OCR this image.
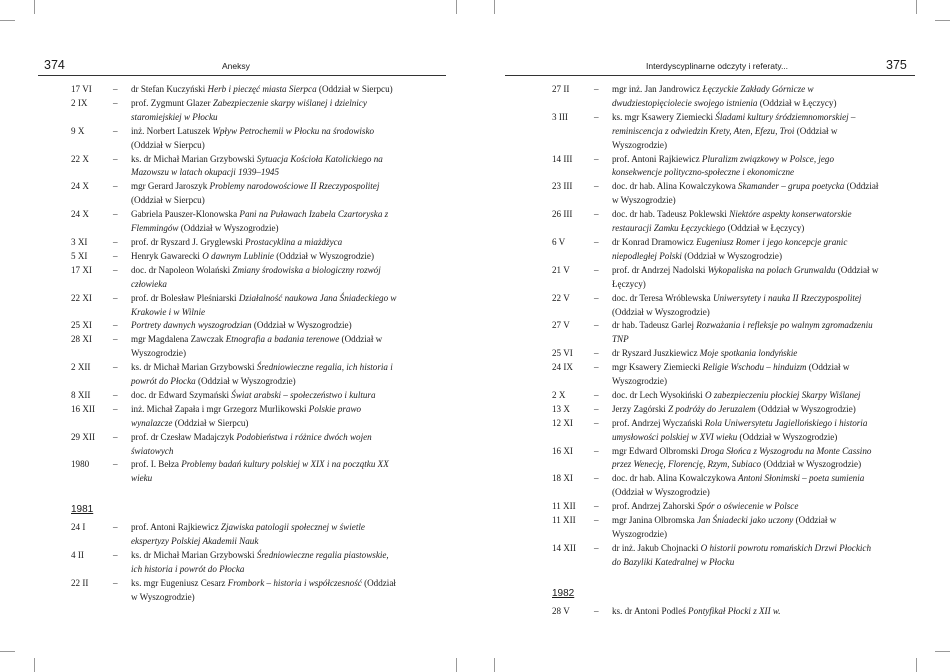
374	Aneksy
17 VI	–	dr Stefan Kuczyński Herb i pieczęć miasta Sierpca (Oddział w Sierpcu)
2 IX	–	prof. Zygmunt Glazer Zabezpieczenie skarpy wiślanej i dzielnicy staromiejskiej w Płocku
9 X	–	inż. Norbert Latuszek Wpływ Petrochemii w Płocku na środowisko (Oddział w Sierpcu)
22 X	–	ks. dr Michał Marian Grzybowski Sytuacja Kościoła Katolickiego na Mazowszu w latach okupacji 1939–1945
24 X	–	mgr Gerard Jaroszyk Problemy narodowościowe II Rzeczypospolitej (Oddział w Sierpcu)
24 X	–	Gabriela Pauszer-Klonowska Pani na Puławach Izabela Czartoryska z Flemmingów (Oddział w Wyszogrodzie)
3 XI	–	prof. dr Ryszard J. Gryglewski Prostacyklina a miażdżyca
5 XI	–	Henryk Gawarecki O dawnym Lublinie (Oddział w Wyszogrodzie)
17 XI	–	doc. dr Napoleon Wolański Zmiany środowiska a biologiczny rozwój człowieka
22 XI	–	prof. dr Bolesław Pleśniarski Działalność naukowa Jana Śniadeckiego w Krakowie i w Wilnie
25 XI	–	Portrety dawnych wyszogrodzian (Oddział w Wyszogrodzie)
28 XI	–	mgr Magdalena Zawczak Etnografia a badania terenowe (Oddział w Wyszogrodzie)
2 XII	–	ks. dr Michał Marian Grzybowski Średniowieczne regalia, ich historia i powrót do Płocka (Oddział w Wyszogrodzie)
8 XII	–	doc. dr Edward Szymański Świat arabski – społeczeństwo i kultura
16 XII	–	inż. Michał Zapała i mgr Grzegorz Murlikowski Polskie prawo wynalazcze (Oddział w Sierpcu)
29 XII	–	prof. dr Czesław Madajczyk Podobieństwa i różnice dwóch wojen światowych
1980	–	prof. I. Bełza Problemy badań kultury polskiej w XIX i na początku XX wieku
1981
24 I	–	prof. Antoni Rajkiewicz Zjawiska patologii społecznej w świetle ekspertyzy Polskiej Akademii Nauk
4 II	–	ks. dr Michał Marian Grzybowski Średniowieczne regalia piastowskie, ich historia i powrót do Płocka
22 II	–	ks. mgr Eugeniusz Cesarz Frombork – historia i współczesność (Oddział w Wyszogrodzie)
Interdyscyplinarne odczyty i referaty...	375
27 II	–	mgr inż. Jan Jandrowicz Łęczyckie Zakłady Górnicze w dwudziestopięciolecie swojego istnienia (Oddział w Łęczycy)
3 III	–	ks. mgr Ksawery Ziemiecki Śladami kultury śródziemnomorskiej – reminiscencja z odwiedzin Krety, Aten, Efezu, Troi (Oddział w Wyszogrodzie)
14 III	–	prof. Antoni Rajkiewicz Pluralizm związkowy w Polsce, jego konsekwencje polityczno-społeczne i ekonomiczne
23 III	–	doc. dr hab. Alina Kowalczykowa Skamander – grupa poetycka (Oddział w Wyszogrodzie)
26 III	–	doc. dr hab. Tadeusz Poklewski Niektóre aspekty konserwatorskie restauracji Zamku Łęczyckiego (Oddział w Łęczycy)
6 V	–	dr Konrad Dramowicz Eugeniusz Romer i jego koncepcje granic niepodległej Polski (Oddział w Wyszogrodzie)
21 V	–	prof. dr Andrzej Nadolski Wykopaliska na polach Grunwaldu (Oddział w Łęczycy)
22 V	–	doc. dr Teresa Wróblewska Uniwersytety i nauka II Rzeczypospolitej (Oddział w Wyszogrodzie)
27 V	–	dr hab. Tadeusz Garlej Rozważania i refleksje po walnym zgromadzeniu TNP
25 VI	–	dr Ryszard Juszkiewicz Moje spotkania londyńskie
24 IX	–	mgr Ksawery Ziemiecki Religie Wschodu – hinduizm (Oddział w Wyszogrodzie)
2 X	–	doc. dr Lech Wysokiński O zabezpieczeniu płockiej Skarpy Wiślanej
13 X	–	Jerzy Zagórski Z podróży do Jeruzalem (Oddział w Wyszogrodzie)
12 XI	–	prof. Andrzej Wyczański Rola Uniwersytetu Jagiellońskiego i historia umysłowości polskiej w XVI wieku (Oddział w Wyszogrodzie)
16 XI	–	mgr Edward Olbromski Droga Słońca z Wyszogrodu na Monte Cassino przez Wenecję, Florencję, Rzym, Subiaco (Oddział w Wyszogrodzie)
18 XI	–	doc. dr hab. Alina Kowalczykowa Antoni Słonimski – poeta sumienia (Oddział w Wyszogrodzie)
11 XII	–	prof. Andrzej Zahorski Spór o oświecenie w Polsce
11 XII	–	mgr Janina Olbromska Jan Śniadecki jako uczony (Oddział w Wyszogrodzie)
14 XII	–	dr inż. Jakub Chojnacki O historii powrotu romańskich Drzwi Płockich do Bazyliki Katedralnej w Płocku
1982
28 V	–	ks. dr Antoni Podleś Pontyfikał Płocki z XII w.
